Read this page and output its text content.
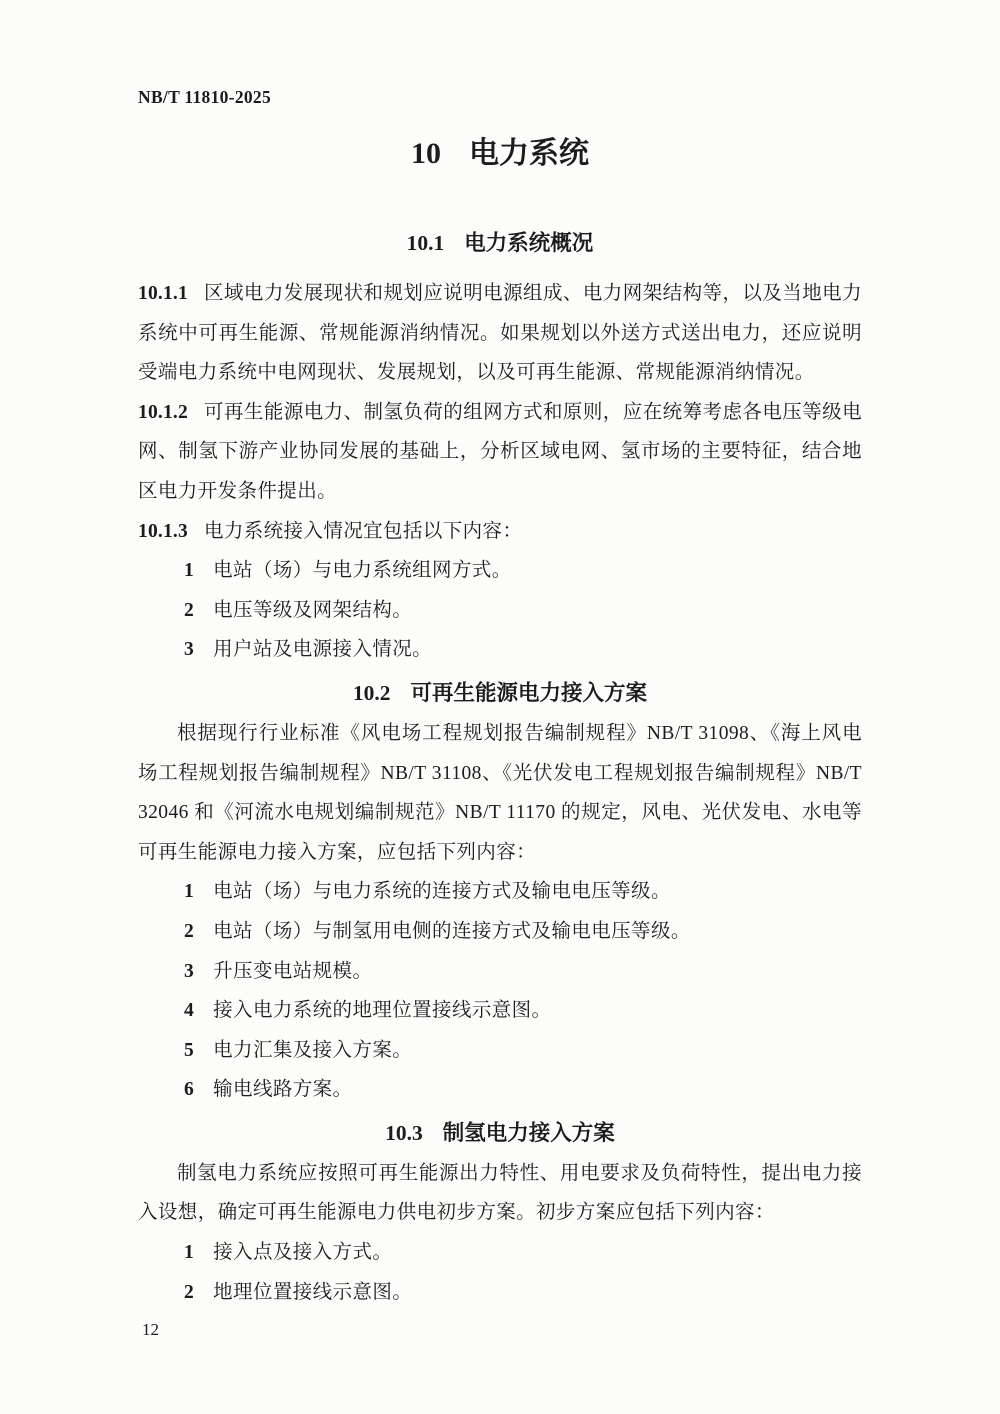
NB/T 11810-2025
10 电力系统
10.1 电力系统概况

10.1.1 区域电力发展现状和规划应说明电源组成、电力网架结构等，以及当地电力系统中可再生能源、常规能源消纳情况。如果规划以外送方式送出电力，还应说明受端电力系统中电网现状、发展规划，以及可再生能源、常规能源消纳情况。

10.1.2 可再生能源电力、制氢负荷的组网方式和原则，应在统筹考虑各电压等级电网、制氢下游产业协同发展的基础上，分析区域电网、氢市场的主要特征，结合地区电力开发条件提出。

10.1.3 电力系统接入情况宜包括以下内容：

1 电站（场）与电力系统组网方式。

2 电压等级及网架结构。

3 用户站及电源接入情况。

10.2 可再生能源电力接入方案

根据现行行业标准《风电场工程规划报告编制规程》NB/T 31098、《海上风电场工程规划报告编制规程》NB/T 31108、《光伏发电工程规划报告编制规程》NB/T 32046 和《河流水电规划编制规范》NB/T 11170 的规定，风电、光伏发电、水电等可再生能源电力接入方案，应包括下列内容：

1 电站（场）与电力系统的连接方式及输电电压等级。

2 电站（场）与制氢用电侧的连接方式及输电电压等级。

3 升压变电站规模。

4 接入电力系统的地理位置接线示意图。

5 电力汇集及接入方案。

6 输电线路方案。

10.3 制氢电力接入方案

制氢电力系统应按照可再生能源出力特性、用电要求及负荷特性，提出电力接入设想，确定可再生能源电力供电初步方案。初步方案应包括下列内容：

1 接入点及接入方式。

2 地理位置接线示意图。

12
